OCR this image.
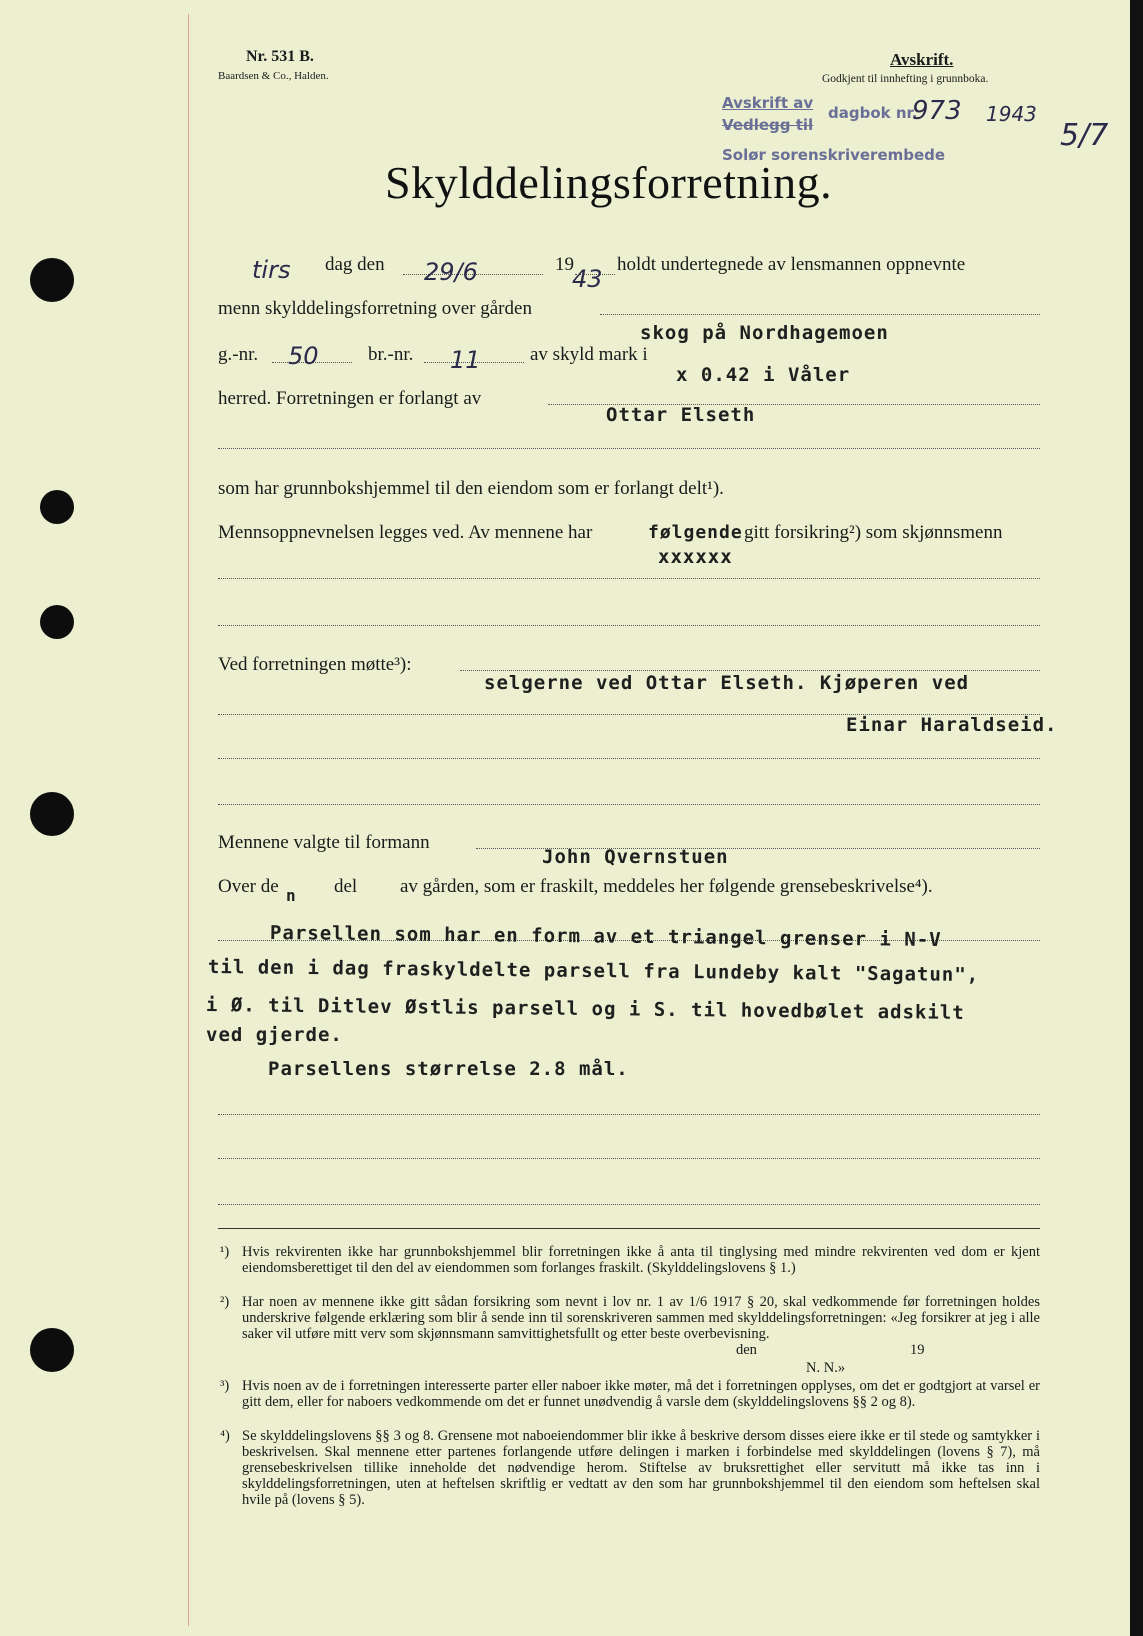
Nr. 531 B.
Baardsen & Co., Halden.
Avskrift.
Godkjent til innhefting i grunnboka.
Avskrift av
dagbok nr.
Vedlegg til
Solør sorenskriverembede
973 1943
5/7
Skylddelingsforretning.
tirs dag den 29/6	19
43
holdt undertegnede av lensmannen oppnevnte
menn skylddelingsforretning over gården
skog på Nordhagemoen
g.-nr. 50	br.-nr. 11	av skyld mark i
x 0.42 i Våler
herred. Forretningen er forlangt av
Ottar Elseth
som har grunnbokshjemmel til den eiendom som er forlangt delt¹).
Mennsoppnevnelsen legges ved. Av mennene har	følgende gitt forsikring²) som skjønnsmenn
xxxxxx
Ved forretningen møtte³):
selgerne ved Ottar Elseth. Kjøperen ved
Einar Haraldseid.
Mennene valgte til formann
John Qvernstuen
Over de n del av gården, som er fraskilt, meddeles her følgende grensebeskrivelse⁴).
Parsellen som har en form av et triangel grenser i N-V
til den i dag fraskyldelte parsell fra Lundeby kalt "Sagatun",
i Ø. til Ditlev Østlis parsell og i S. til hovedbølet adskilt
ved gjerde.
Parsellens størrelse 2.8 mål.
¹) Hvis rekvirenten ikke har grunnbokshjemmel blir forretningen ikke å anta til tinglysing med mindre rekvirenten ved dom er kjent eiendomsberettiget til den del av eiendommen som forlanges fraskilt. (Skylddelingslovens § 1.)
²) Har noen av mennene ikke gitt sådan forsikring som nevnt i lov nr. 1 av 1/6 1917 § 20, skal vedkommende før forretningen holdes underskrive følgende erklæring som blir å sende inn til sorenskriveren sammen med skylddelingsforretningen: «Jeg forsikrer at jeg i alle saker vil utføre mitt verv som skjønnsmann samvittighetsfullt og etter beste overbevisning.
den	19
N. N.»
³) Hvis noen av de i forretningen interesserte parter eller naboer ikke møter, må det i forretningen opplyses, om det er godtgjort at varsel er gitt dem, eller for naboers vedkommende om det er funnet unødvendig å varsle dem (skylddelingslovens §§ 2 og 8).
⁴) Se skylddelingslovens §§ 3 og 8. Grensene mot naboeiendommer blir ikke å beskrive dersom disses eiere ikke er til stede og samtykker i beskrivelsen. Skal mennene etter partenes forlangende utføre delingen i marken i forbindelse med skylddelingen (lovens § 7), må grensebeskrivelsen tillike inneholde det nødvendige herom. Stiftelse av bruksrettighet eller servitutt må ikke tas inn i skylddelingsforretningen, uten at heftelsen skriftlig er vedtatt av den som har grunnbokshjemmel til den eiendom som heftelsen skal hvile på (lovens § 5).
